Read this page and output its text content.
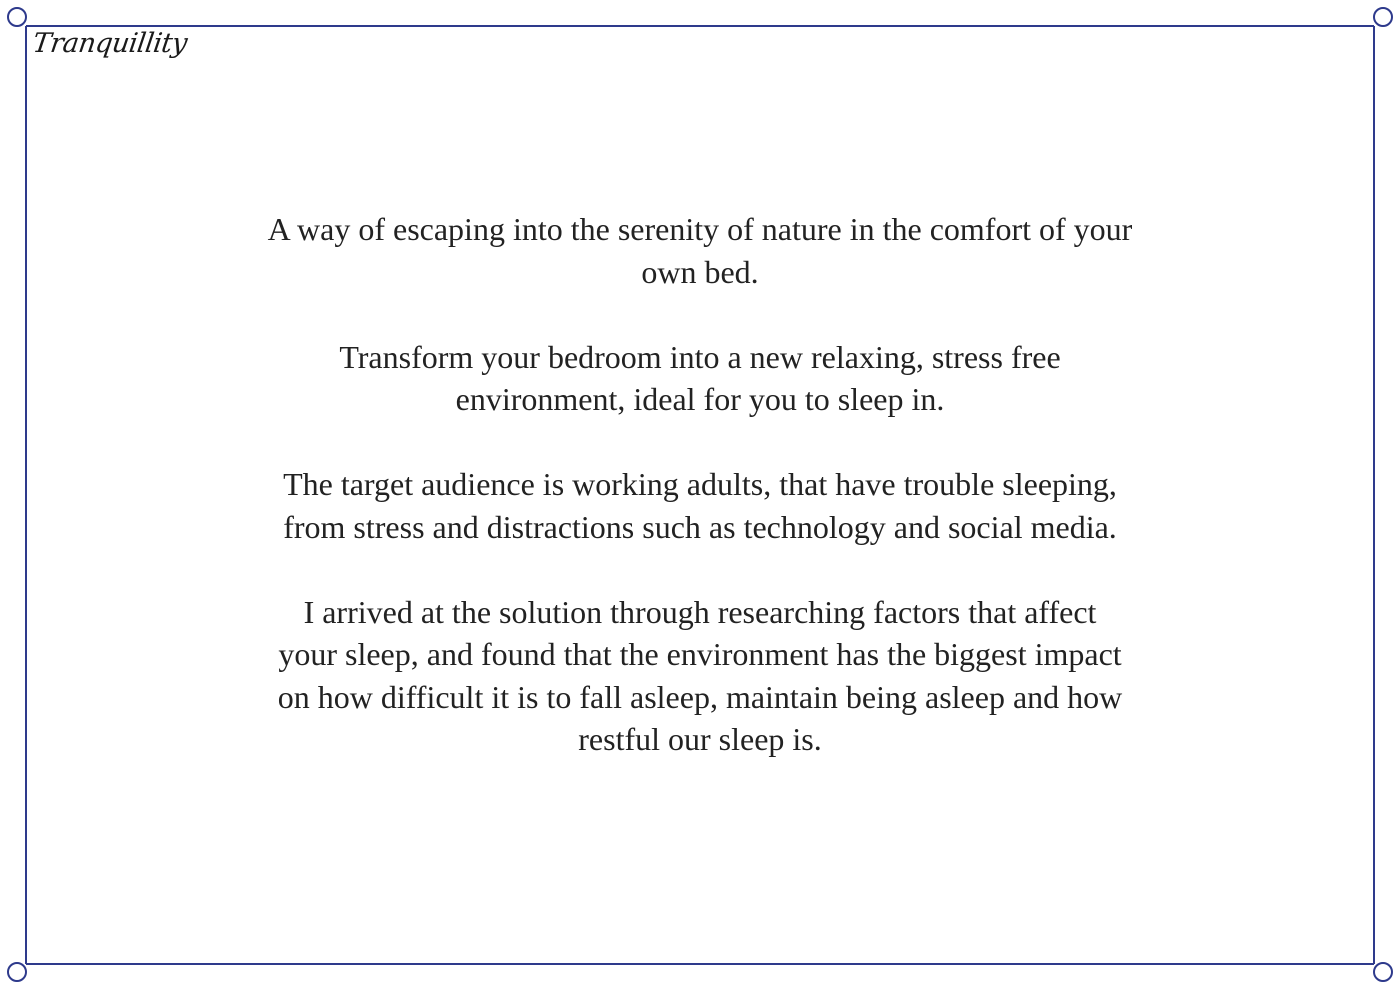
Tranquillity

A way of escaping into the serenity of nature in the comfort of your
own bed.

Transform your bedroom into a new relaxing, stress free
environment, ideal for you to sleep in.

The target audience is working adults, that have trouble sleeping,
from stress and distractions such as technology and social media.

I arrived at the solution through researching factors that affect
your sleep, and found that the environment has the biggest impact
on how difficult it is to fall asleep, maintain being asleep and how
restful our sleep is.
